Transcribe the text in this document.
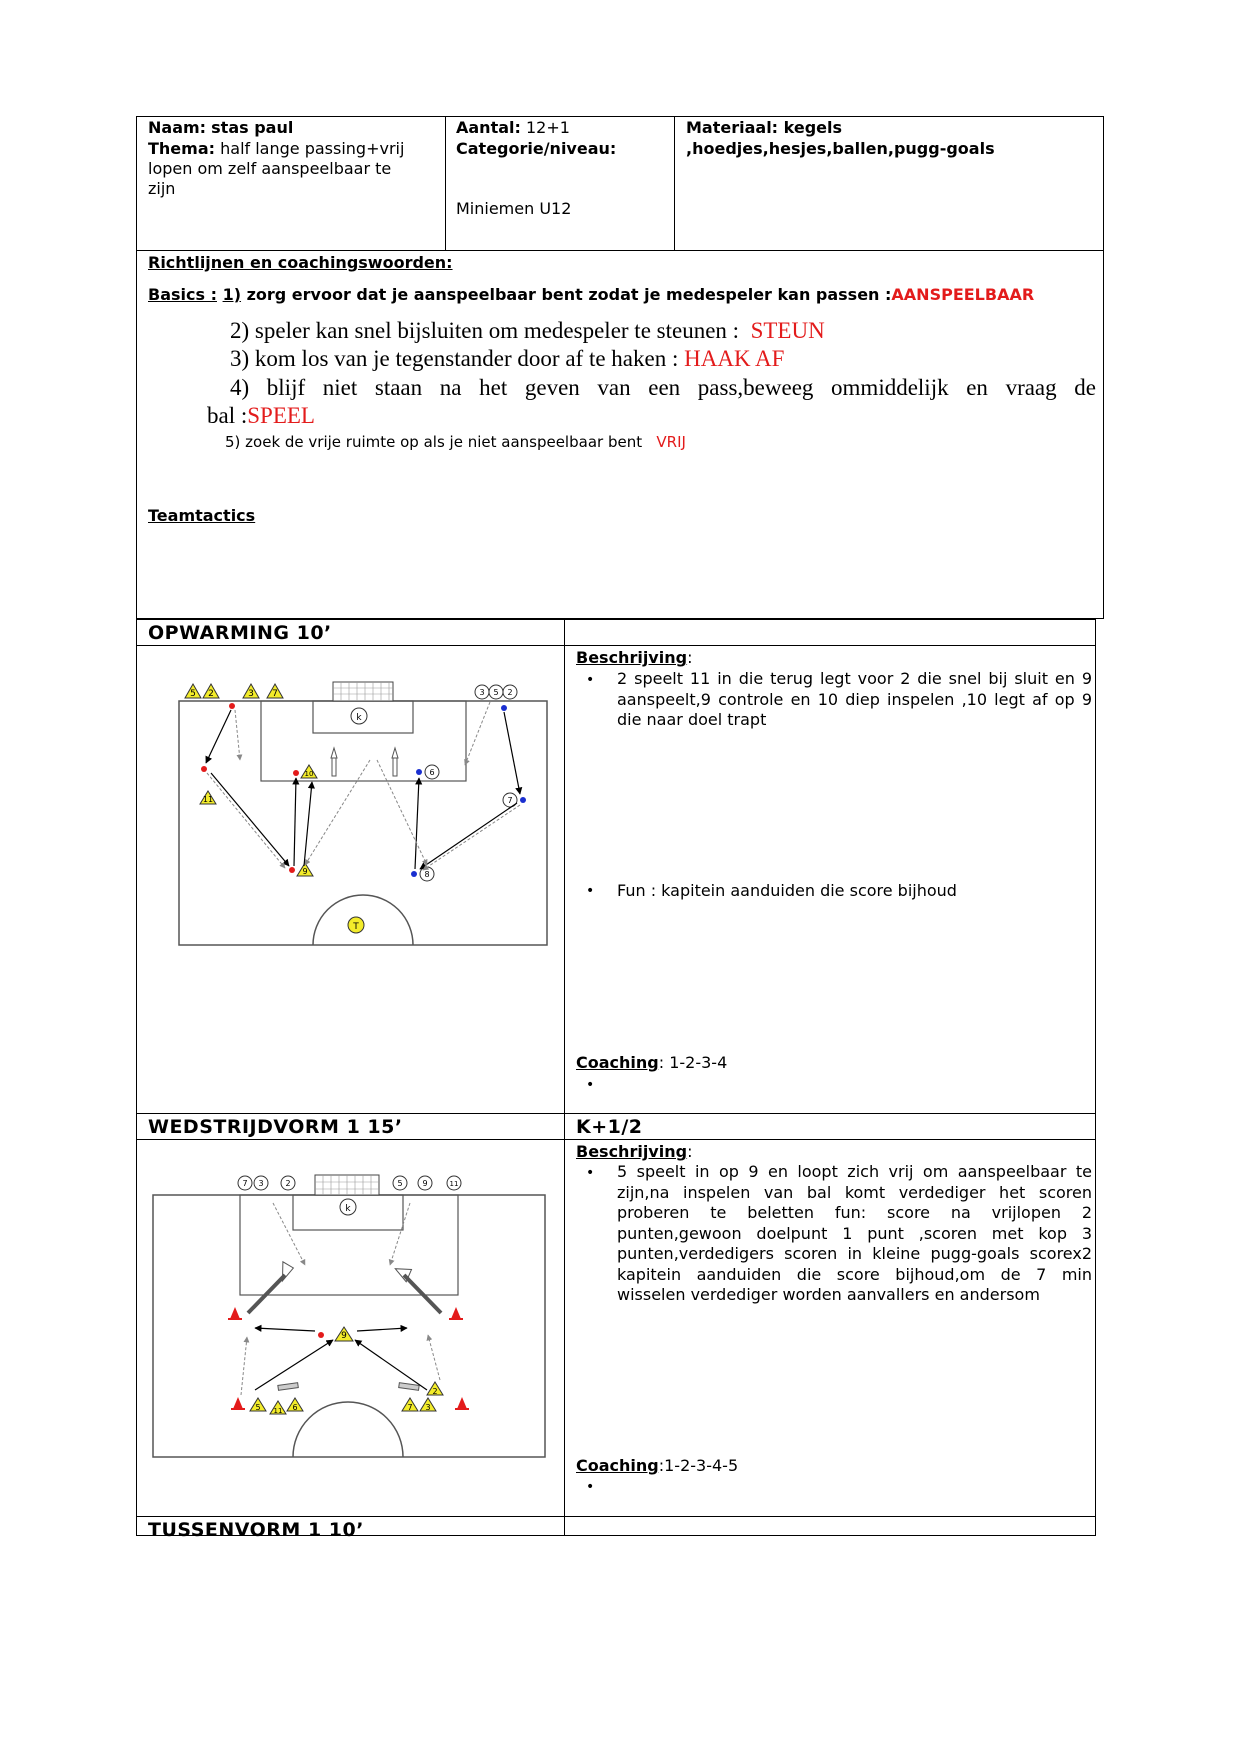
Naam: stas paul
Thema: half lange passing+vrij
lopen om zelf aanspeelbaar te
zijn
Aantal: 12+1
Categorie/niveau:
Miniemen U12
Materiaal: kegels
,hoedjes,hesjes,ballen,pugg-goals
Richtlijnen en coachingswoorden:
Basics : 1) zorg ervoor dat je aanspeelbaar bent zodat je medespeler kan passen :AANSPEELBAAR
2) speler kan snel bijsluiten om medespeler te steunen : STEUN
3) kom los van je tegenstander door af te haken : HAAK AF
4) blijf niet staan na het geven van een pass,beweeg ommiddelijk en vraag de
bal :SPEEL
5) zoek de vrije ruimte op als je niet aanspeelbaar bent VRIJ
Teamtactics
OPWARMING 10’
Beschrijving:
• 2 speelt 11 in die terug legt voor 2 die snel bij sluit en 9 aanspeelt,9 controle en 10 diep inspelen ,10 legt af op 9 die naar doel trapt
• Fun : kapitein aanduiden die score bijhoud
Coaching: 1-2-3-4
•
k
T
5 2	3 7	3 5 2
10	6
11	7
9	8
WEDSTRIJDVORM 1 15’	K+1/2
Beschrijving:
• 5 speelt in op 9 en loopt zich vrij om aanspeelbaar te zijn,na inspelen van bal komt verdediger het scoren proberen te beletten fun: score na vrijlopen 2 punten,gewoon doelpunt 1 punt ,scoren met kop 3 punten,verdedigers scoren in kleine pugg-goals scorex2 kapitein aanduiden die score bijhoud,om de 7 min wisselen verdediger worden aanvallers en andersom
Coaching:1-2-3-4-5
•
k
7 3	2	5 9	11
9
5 11 6	7 3
2
TUSSENVORM 1 10’
